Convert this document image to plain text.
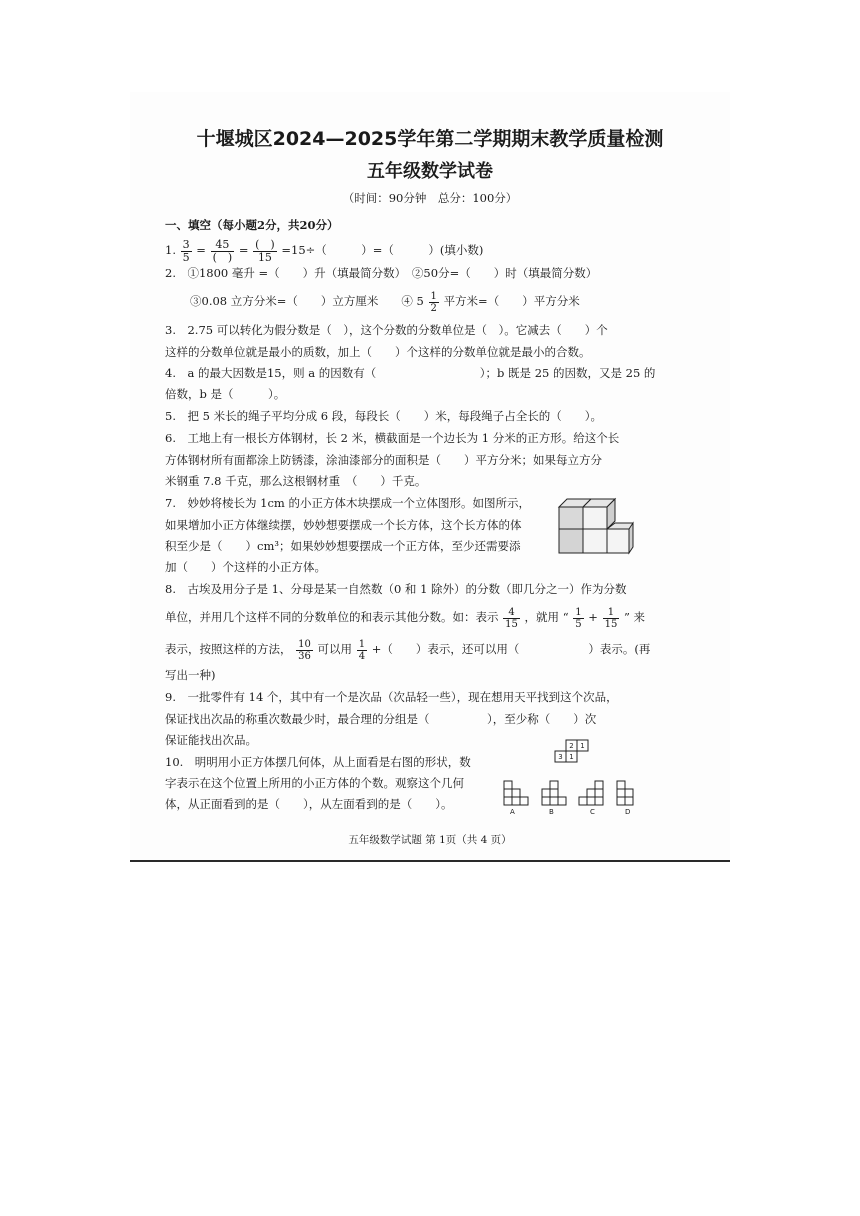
十堰城区2024—2025学年第二学期期末教学质量检测
五年级数学试卷
（时间：90分钟　总分：100分）
一、填空（每小题2分，共20分）
1. $\frac{3}{5} = \frac{45}{( )} = \frac{( )}{15} =15\div$（　　　）=（　　　）(填小数)
2.　①1800 毫升 =（　　）升（填最简分数）　②50分=（　　）时（填最简分数）
③0.08 立方分米=（　　）立方厘米　　④ $5 \frac{1}{2}$ 平方米=（　　）平方分米
3.　2.75 可以转化为假分数是（　），这个分数的分数单位是（　）。它减去（　　）个
这样的分数单位就是最小的质数，加上（　　）个这样的分数单位就是最小的合数。
4.　a 的最大因数是15，则 a 的因数有（　　　　　　　　　）；b 既是 25 的因数，又是 25 的
倍数，b 是（　　　）。
5.　把 5 米长的绳子平均分成 6 段，每段长（　　）米，每段绳子占全长的（　　）。
6.　工地上有一根长方体钢材，长 2 米，横截面是一个边长为 1 分米的正方形。给这个长
方体钢材所有面都涂上防锈漆，涂油漆部分的面积是（　　）平方分米；如果每立方分
米钢重 7.8 千克，那么这根钢材重　（　　）千克。
7.　妙妙将棱长为 1cm 的小正方体木块摆成一个立体图形。如图所示，
如果增加小正方体继续摆，妙妙想要摆成一个长方体，这个长方体的体
积至少是（　　）cm³；如果妙妙想要摆成一个正方体，至少还需要添
加（　　）个这样的小正方体。
8.　古埃及用分子是 1、分母是某一自然数（0 和 1 除外）的分数（即几分之一）作为分数
单位，并用几个这样不同的分数单位的和表示其他分数。如：表示 $\frac{4}{15}$ ，就用 “ $\frac{1}{5} + \frac{1}{15}$ ” 来
表示，按照这样的方法， $\frac{10}{36}$ 可以用 $\frac{1}{4}$ +（　　）表示，还可以用（　　　　　　）表示。(再
写出一种)
9.　一批零件有 14 个，其中有一个是次品（次品轻一些），现在想用天平找到这个次品，
保证找出次品的称重次数最少时，最合理的分组是（　　　　　），至少称（　　）次
保证能找出次品。
10.　明明用小正方体摆几何体，从上面看是右图的形状，数
字表示在这个位置上所用的小正方体的个数。观察这个几何
体，从正面看到的是（　　），从左面看到的是（　　）。
2 1
3 1
A	B	C	D
五年级数学试题 第 1页（共 4 页）
